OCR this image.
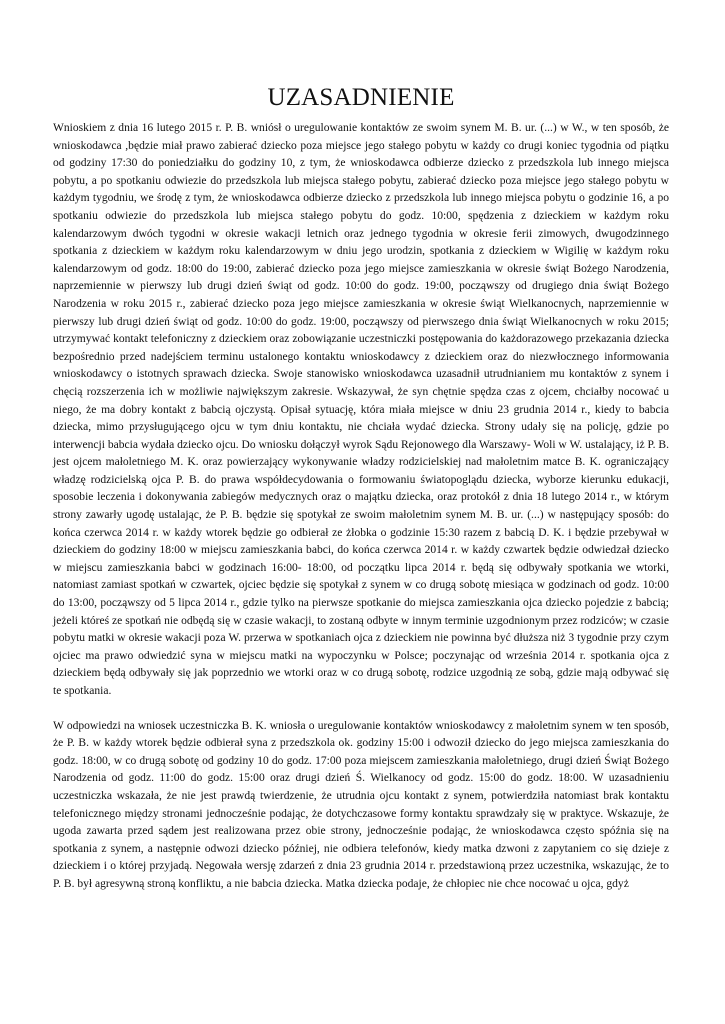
UZASADNIENIE

Wnioskiem z dnia 16 lutego 2015 r. P. B. wniósł o uregulowanie kontaktów ze swoim synem M. B. ur. (...) w W., w ten sposób, że wnioskodawca ,będzie miał prawo zabierać dziecko poza miejsce jego stałego pobytu w każdy co drugi koniec tygodnia od piątku od godziny 17:30 do poniedziałku do godziny 10, z tym, że wnioskodawca odbierze dziecko z przedszkola lub innego miejsca pobytu, a po spotkaniu odwiezie do przedszkola lub miejsca stałego pobytu, zabierać dziecko poza miejsce jego stałego pobytu w każdym tygodniu, we środę z tym, że wnioskodawca odbierze dziecko z przedszkola lub innego miejsca pobytu o godzinie 16, a po spotkaniu odwiezie do przedszkola lub miejsca stałego pobytu do godz. 10:00, spędzenia z dzieckiem w każdym roku kalendarzowym dwóch tygodni w okresie wakacji letnich oraz jednego tygodnia w okresie ferii zimowych, dwugodzinnego spotkania z dzieckiem w każdym roku kalendarzowym w dniu jego urodzin, spotkania z dzieckiem w Wigilię w każdym roku kalendarzowym od godz. 18:00 do 19:00, zabierać dziecko poza jego miejsce zamieszkania w okresie świąt Bożego Narodzenia, naprzemiennie w pierwszy lub drugi dzień świąt od godz. 10:00 do godz. 19:00, począwszy od drugiego dnia świąt Bożego Narodzenia w roku 2015 r., zabierać dziecko poza jego miejsce zamieszkania w okresie świąt Wielkanocnych, naprzemiennie w pierwszy lub drugi dzień świąt od godz. 10:00 do godz. 19:00, począwszy od pierwszego dnia świąt Wielkanocnych w roku 2015; utrzymywać kontakt telefoniczny z dzieckiem oraz zobowiązanie uczestniczki postępowania do każdorazowego przekazania dziecka bezpośrednio przed nadejściem terminu ustalonego kontaktu wnioskodawcy z dzieckiem oraz do niezwłocznego informowania wnioskodawcy o istotnych sprawach dziecka. Swoje stanowisko wnioskodawca uzasadnił utrudnianiem mu kontaktów z synem i chęcią rozszerzenia ich w możliwie największym zakresie. Wskazywał, że syn chętnie spędza czas z ojcem, chciałby nocować u niego, że ma dobry kontakt z babcią ojczystą. Opisał sytuację, która miała miejsce w dniu 23 grudnia 2014 r., kiedy to babcia dziecka, mimo przysługującego ojcu w tym dniu kontaktu, nie chciała wydać dziecka. Strony udały się na policję, gdzie po interwencji babcia wydała dziecko ojcu. Do wniosku dołączył wyrok Sądu Rejonowego dla Warszawy- Woli w W. ustalający, iż P. B. jest ojcem małoletniego M. K. oraz powierzający wykonywanie władzy rodzicielskiej nad małoletnim matce B. K. ograniczający władzę rodzicielską ojca P. B. do prawa współdecydowania o formowaniu światopoglądu dziecka, wyborze kierunku edukacji, sposobie leczenia i dokonywania zabiegów medycznych oraz o majątku dziecka, oraz protokół z dnia 18 lutego 2014 r., w którym strony zawarły ugodę ustalając, że P. B. będzie się spotykał ze swoim małoletnim synem M. B. ur. (...) w następujący sposób: do końca czerwca 2014 r. w każdy wtorek będzie go odbierał ze żłobka o godzinie 15:30 razem z babcią D. K. i będzie przebywał w dzieckiem do godziny 18:00 w miejscu zamieszkania babci, do końca czerwca 2014 r. w każdy czwartek będzie odwiedzał dziecko w miejscu zamieszkania babci w godzinach 16:00- 18:00, od początku lipca 2014 r. będą się odbywały spotkania we wtorki, natomiast zamiast spotkań w czwartek, ojciec będzie się spotykał z synem w co drugą sobotę miesiąca w godzinach od godz. 10:00 do 13:00, począwszy od 5 lipca 2014 r., gdzie tylko na pierwsze spotkanie do miejsca zamieszkania ojca dziecko pojedzie z babcią; jeżeli któreś ze spotkań nie odbędą się w czasie wakacji, to zostaną odbyte w innym terminie uzgodnionym przez rodziców; w czasie pobytu matki w okresie wakacji poza W. przerwa w spotkaniach ojca z dzieckiem nie powinna być dłuższa niż 3 tygodnie przy czym ojciec ma prawo odwiedzić syna w miejscu matki na wypoczynku w Polsce; poczynając od września 2014 r. spotkania ojca z dzieckiem będą odbywały się jak poprzednio we wtorki oraz w co drugą sobotę, rodzice uzgodnią ze sobą, gdzie mają odbywać się te spotkania.

W odpowiedzi na wniosek uczestniczka B. K. wniosła o uregulowanie kontaktów wnioskodawcy z małoletnim synem w ten sposób, że P. B. w każdy wtorek będzie odbierał syna z przedszkola ok. godziny 15:00 i odwoził dziecko do jego miejsca zamieszkania do godz. 18:00, w co drugą sobotę od godziny 10 do godz. 17:00 poza miejscem zamieszkania małoletniego, drugi dzień Świąt Bożego Narodzenia od godz. 11:00 do godz. 15:00 oraz drugi dzień Ś. Wielkanocy od godz. 15:00 do godz. 18:00. W uzasadnieniu uczestniczka wskazała, że nie jest prawdą twierdzenie, że utrudnia ojcu kontakt z synem, potwierdziła natomiast brak kontaktu telefonicznego między stronami jednocześnie podając, że dotychczasowe formy kontaktu sprawdzały się w praktyce. Wskazuje, że ugoda zawarta przed sądem jest realizowana przez obie strony, jednocześnie podając, że wnioskodawca często spóźnia się na spotkania z synem, a następnie odwozi dziecko później, nie odbiera telefonów, kiedy matka dzwoni z zapytaniem co się dzieje z dzieckiem i o której przyjadą. Negowała wersję zdarzeń z dnia 23 grudnia 2014 r. przedstawioną przez uczestnika, wskazując, że to P. B. był agresywną stroną konfliktu, a nie babcia dziecka. Matka dziecka podaje, że chłopiec nie chce nocować u ojca, gdyż
